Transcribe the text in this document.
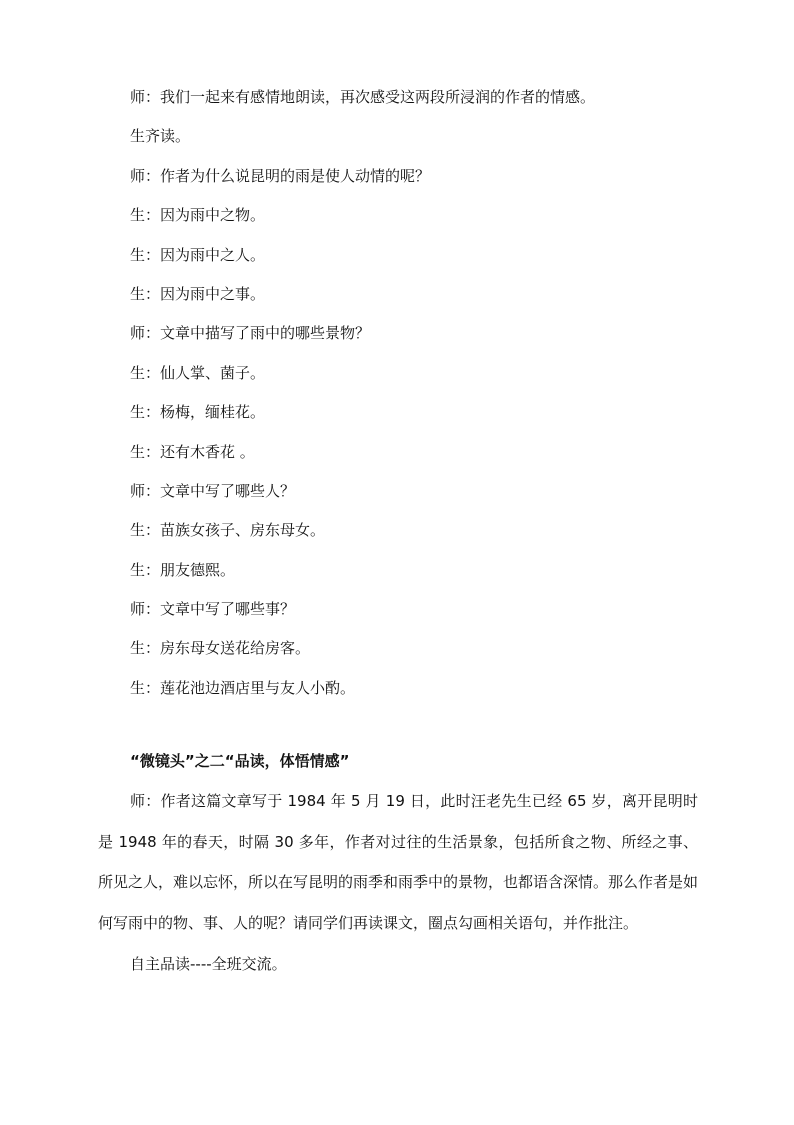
师：我们一起来有感情地朗读，再次感受这两段所浸润的作者的情感。
生齐读。
师：作者为什么说昆明的雨是使人动情的呢？
生：因为雨中之物。
生：因为雨中之人。
生：因为雨中之事。
师：文章中描写了雨中的哪些景物？
生：仙人掌、菌子。
生：杨梅，缅桂花。
生：还有木香花 。
师：文章中写了哪些人？
生：苗族女孩子、房东母女。
生：朋友德熙。
师：文章中写了哪些事？
生：房东母女送花给房客。
生：莲花池边酒店里与友人小酌。
“微镜头”之二“品读，体悟情感”
师：作者这篇文章写于 1984 年 5 月 19 日，此时汪老先生已经 65 岁，离开昆明时是 1948 年的春天，时隔 30 多年，作者对过往的生活景象，包括所食之物、所经之事、所见之人，难以忘怀，所以在写昆明的雨季和雨季中的景物，也都语含深情。那么作者是如何写雨中的物、事、人的呢？请同学们再读课文，圈点勾画相关语句，并作批注。
自主品读----全班交流。
